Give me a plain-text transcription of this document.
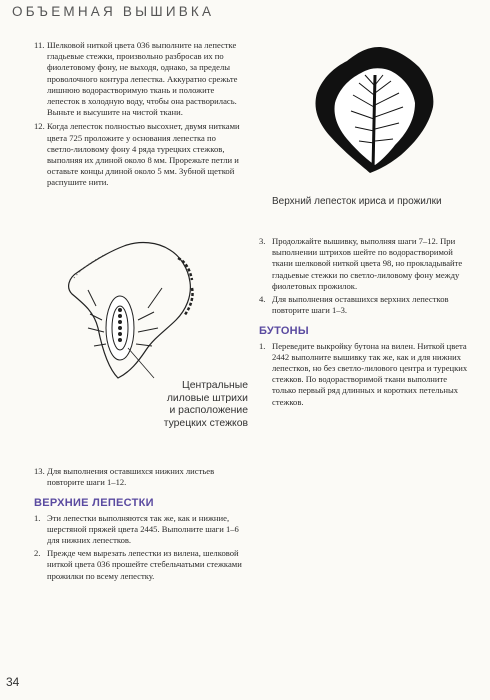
ОБЪЕМНАЯ ВЫШИВКА

11. Шелковой ниткой цвета 036 выполните на лепестке гладьевые стежки, произвольно разбросав их по фиолетовому фону, не выходя, однако, за пределы проволочного контура лепестка. Аккуратно срежьте лишнюю водорастворимую ткань и положите лепесток в холодную воду, чтобы она растворилась. Выньте и высушите на чистой ткани.

12. Когда лепесток полностью высохнет, двумя нитками цвета 725 проложите у основания лепестка по светло-лиловому фону 4 ряда турецких стежков, выполняя их длиной около 8 мм. Прорежьте петли и оставьте концы длиной около 5 мм. Зубной щеткой распушите нити.

Верхний лепесток ириса и прожилки
Центральные
лиловые штрихи
и расположение
турецких стежков

3. Продолжайте вышивку, выполняя шаги 7–12. При выполнении штрихов шейте по водорастворимой ткани шелковой ниткой цвета 98, но прокладывайте гладьевые стежки по светло-лиловому фону между фиолетовых прожилок.

4. Для выполнения оставшихся верхних лепестков повторите шаги 1–3.

БУТОНЫ

1. Переведите выкройку бутона на вилен. Ниткой цвета 2442 выполните вышивку так же, как и для нижних лепестков, но без светло-лилового центра и турецких стежков. По водорастворимой ткани выполните только первый ряд длинных и коротких петельных стежков.

13. Для выполнения оставшихся нижних листьев повторите шаги 1–12.

ВЕРХНИЕ ЛЕПЕСТКИ

1. Эти лепестки выполняются так же, как и нижние, шерстяной пряжей цвета 2445. Выполните шаги 1–6 для нижних лепестков.

2. Прежде чем вырезать лепестки из вилена, шелковой ниткой цвета 036 прошейте стебельчатыми стежками прожилки по всему лепестку.

34
